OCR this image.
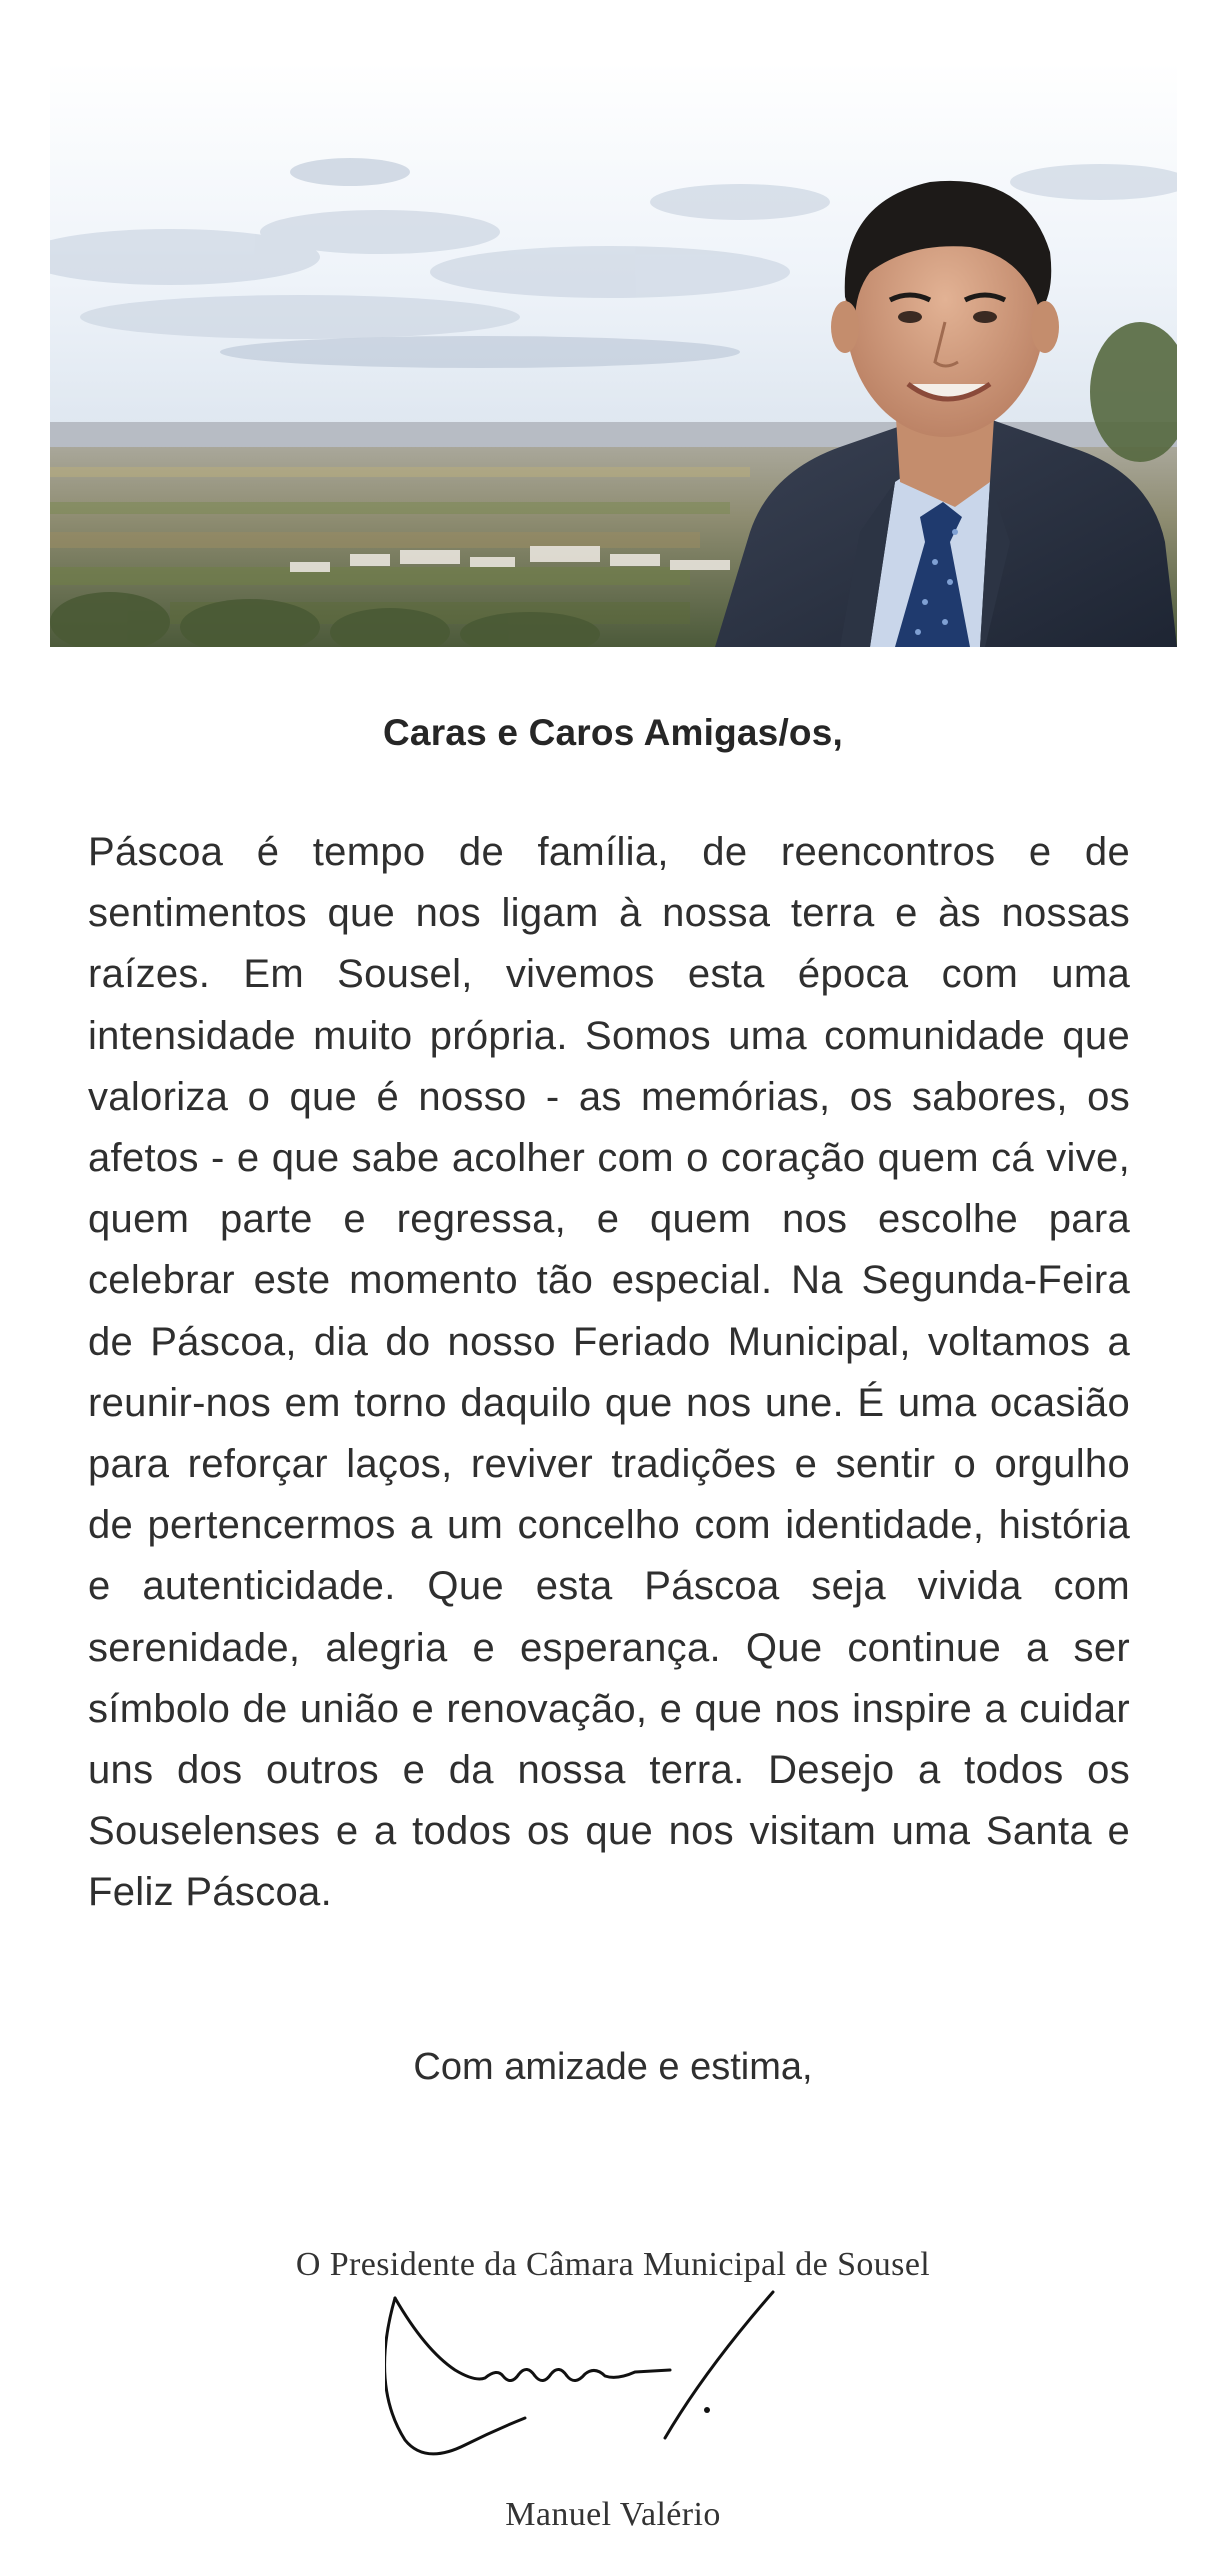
Caras e Caros Amigas/os,

Páscoa é tempo de família, de reencontros e de sentimentos que nos ligam à nossa terra e às nossas raízes. Em Sousel, vivemos esta época com uma intensidade muito própria. Somos uma comunidade que valoriza o que é nosso - as memórias, os sabores, os afetos - e que sabe acolher com o coração quem cá vive, quem parte e regressa, e quem nos escolhe para celebrar este momento tão especial. Na Segunda-Feira de Páscoa, dia do nosso Feriado Municipal, voltamos a reunir-nos em torno daquilo que nos une. É uma ocasião para reforçar laços, reviver tradições e sentir o orgulho de pertencermos a um concelho com identidade, história e autenticidade. Que esta Páscoa seja vivida com serenidade, alegria e esperança. Que continue a ser símbolo de união e renovação, e que nos inspire a cuidar uns dos outros e da nossa terra. Desejo a todos os Souselenses e a todos os que nos visitam uma Santa e Feliz Páscoa.

Com amizade e estima,
O Presidente da Câmara Municipal de Sousel
Manuel Valério
